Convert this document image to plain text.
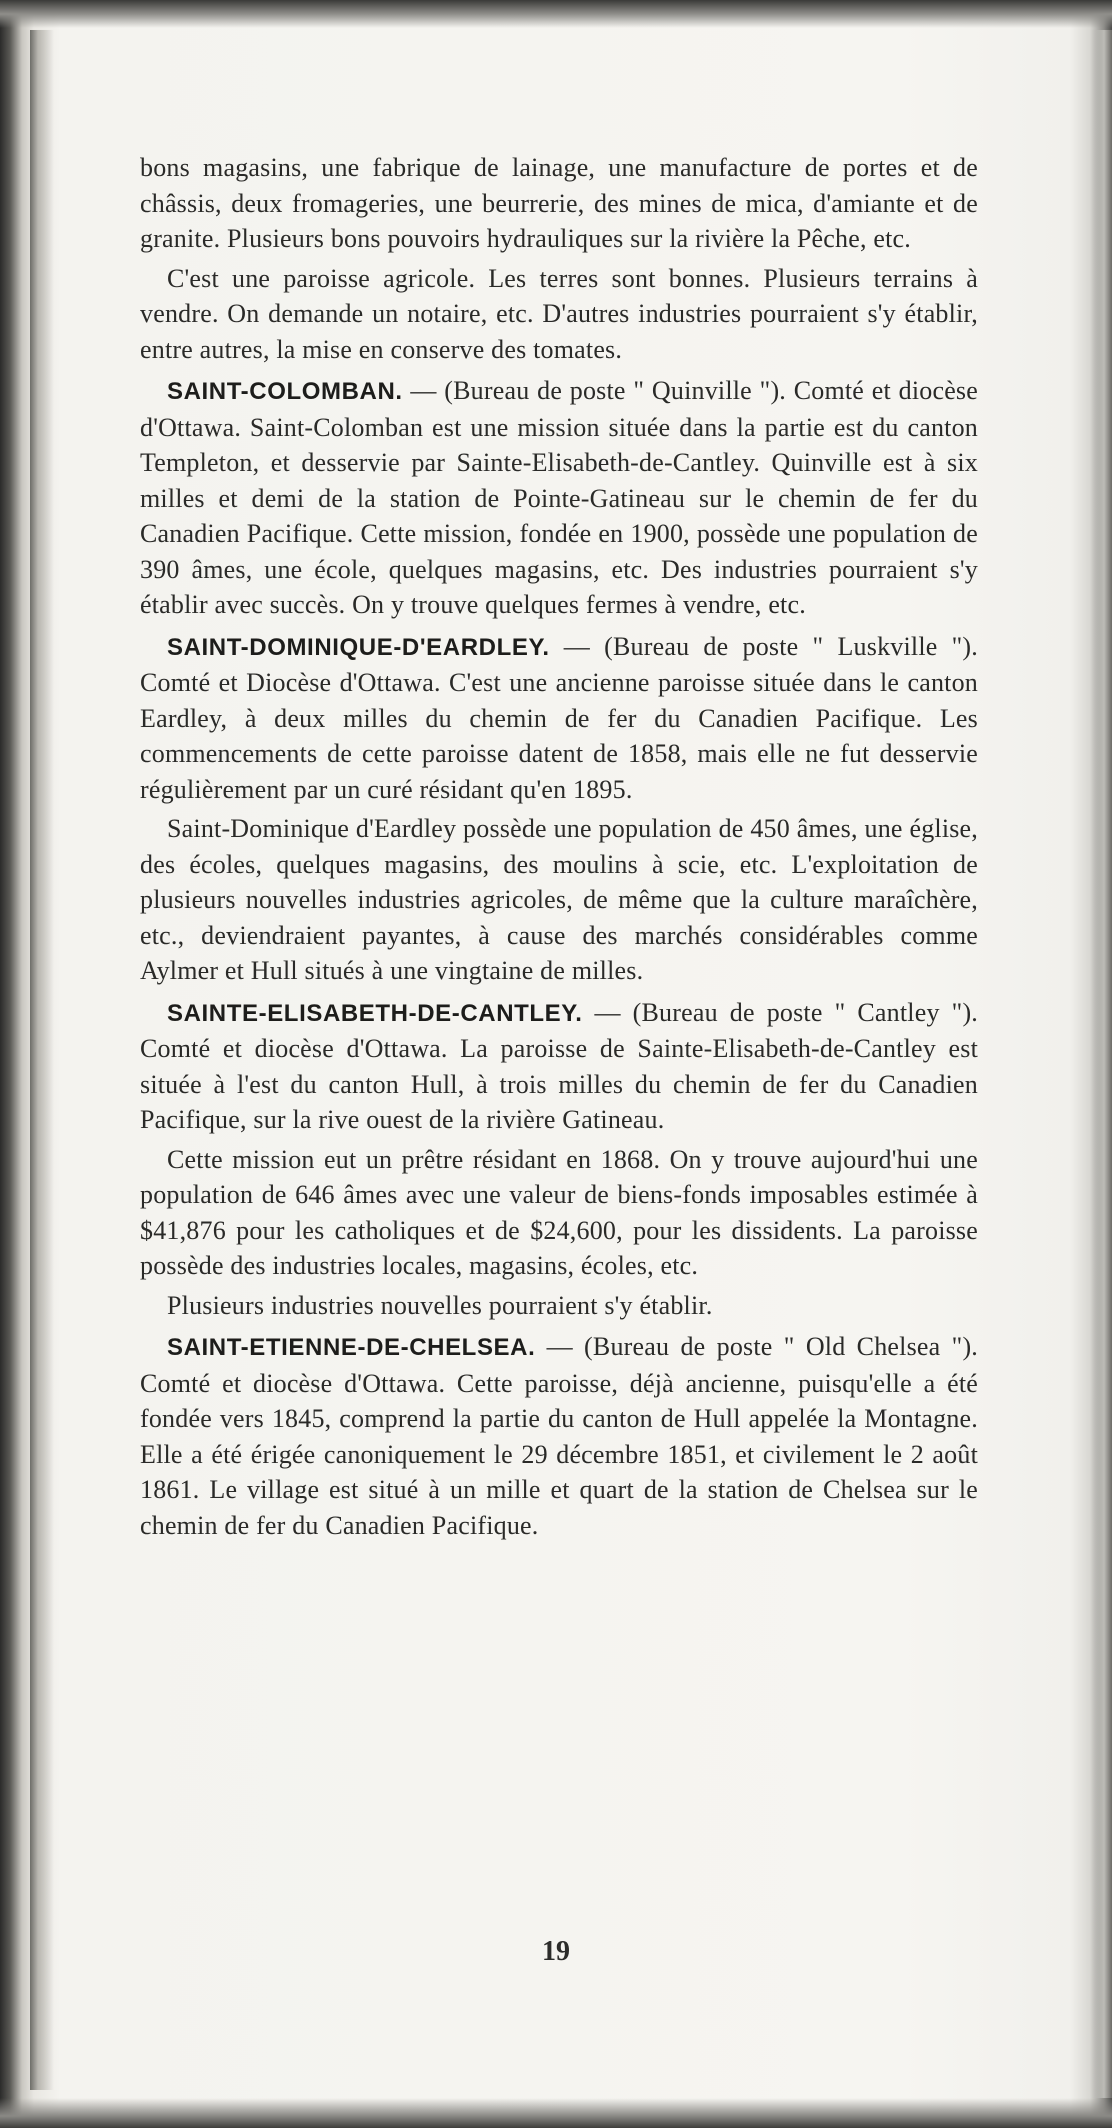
bons magasins, une fabrique de lainage, une manufacture de portes et de châssis, deux fromageries, une beurrerie, des mines de mica, d'amiante et de granite. Plusieurs bons pouvoirs hydrauliques sur la rivière la Pêche, etc.

C'est une paroisse agricole. Les terres sont bonnes. Plusieurs terrains à vendre. On demande un notaire, etc. D'autres industries pourraient s'y établir, entre autres, la mise en conserve des tomates.

SAINT-COLOMBAN. — (Bureau de poste " Quinville "). Comté et diocèse d'Ottawa. Saint-Colomban est une mission située dans la partie est du canton Templeton, et desservie par Sainte-Elisabeth-de-Cantley. Quinville est à six milles et demi de la station de Pointe-Gatineau sur le chemin de fer du Canadien Pacifique. Cette mission, fondée en 1900, possède une population de 390 âmes, une école, quelques magasins, etc. Des industries pourraient s'y établir avec succès. On y trouve quelques fermes à vendre, etc.

SAINT-DOMINIQUE-D'EARDLEY. — (Bureau de poste " Luskville "). Comté et Diocèse d'Ottawa. C'est une ancienne paroisse située dans le canton Eardley, à deux milles du chemin de fer du Canadien Pacifique. Les commencements de cette paroisse datent de 1858, mais elle ne fut desservie régulièrement par un curé résidant qu'en 1895.

Saint-Dominique d'Eardley possède une population de 450 âmes, une église, des écoles, quelques magasins, des moulins à scie, etc. L'exploitation de plusieurs nouvelles industries agricoles, de même que la culture maraîchère, etc., deviendraient payantes, à cause des marchés considérables comme Aylmer et Hull situés à une vingtaine de milles.

SAINTE-ELISABETH-DE-CANTLEY. — (Bureau de poste " Cantley "). Comté et diocèse d'Ottawa. La paroisse de Sainte-Elisabeth-de-Cantley est située à l'est du canton Hull, à trois milles du chemin de fer du Canadien Pacifique, sur la rive ouest de la rivière Gatineau.

Cette mission eut un prêtre résidant en 1868. On y trouve aujourd'hui une population de 646 âmes avec une valeur de biens-fonds imposables estimée à $41,876 pour les catholiques et de $24,600, pour les dissidents. La paroisse possède des industries locales, magasins, écoles, etc.

Plusieurs industries nouvelles pourraient s'y établir.

SAINT-ETIENNE-DE-CHELSEA. — (Bureau de poste " Old Chelsea "). Comté et diocèse d'Ottawa. Cette paroisse, déjà ancienne, puisqu'elle a été fondée vers 1845, comprend la partie du canton de Hull appelée la Montagne. Elle a été érigée canoniquement le 29 décembre 1851, et civilement le 2 août 1861. Le village est situé à un mille et quart de la station de Chelsea sur le chemin de fer du Canadien Pacifique.

19
